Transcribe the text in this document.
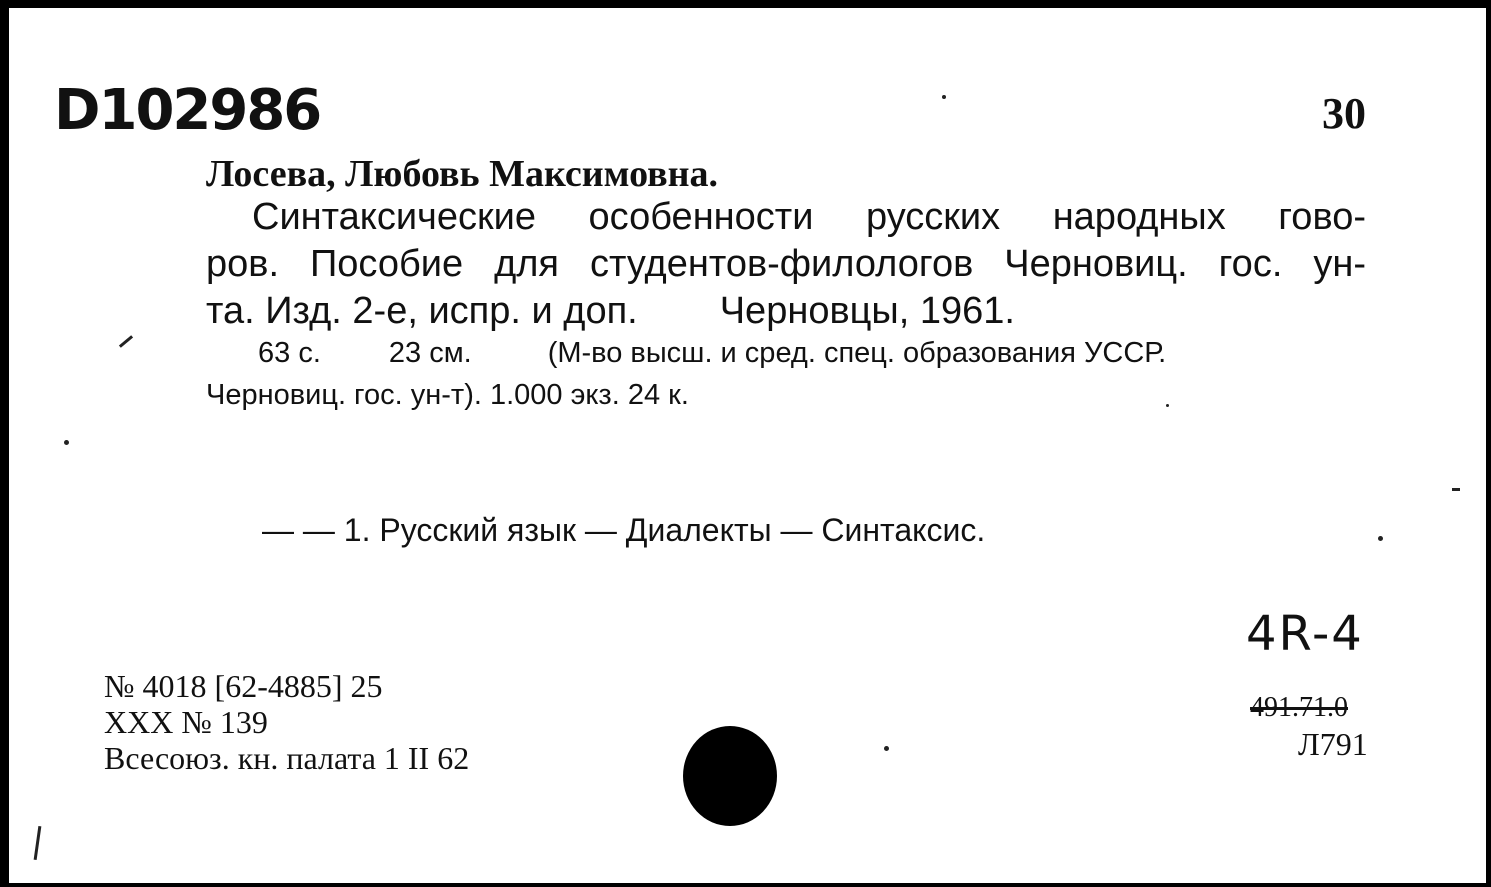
D102986	30
Лосева, Любовь Максимовна.
Синтаксические особенности русских народных гово-
ров. Пособие для студентов-филологов Черновиц. гос. ун-
та. Изд. 2-е, испр. и доп. Черновцы, 1961.
63 с. 23 см.	(М-во высш. и сред. спец. образования УССР.
Черновиц. гос. ун-т). 1.000 экз. 24 к.
— — 1. Русский язык — Диалекты — Синтаксис.
№ 4018 [62-4885] 25
XXX № 139
Всесоюз. кн. палата 1 II 62
4R-4
491.71.0
Л791
